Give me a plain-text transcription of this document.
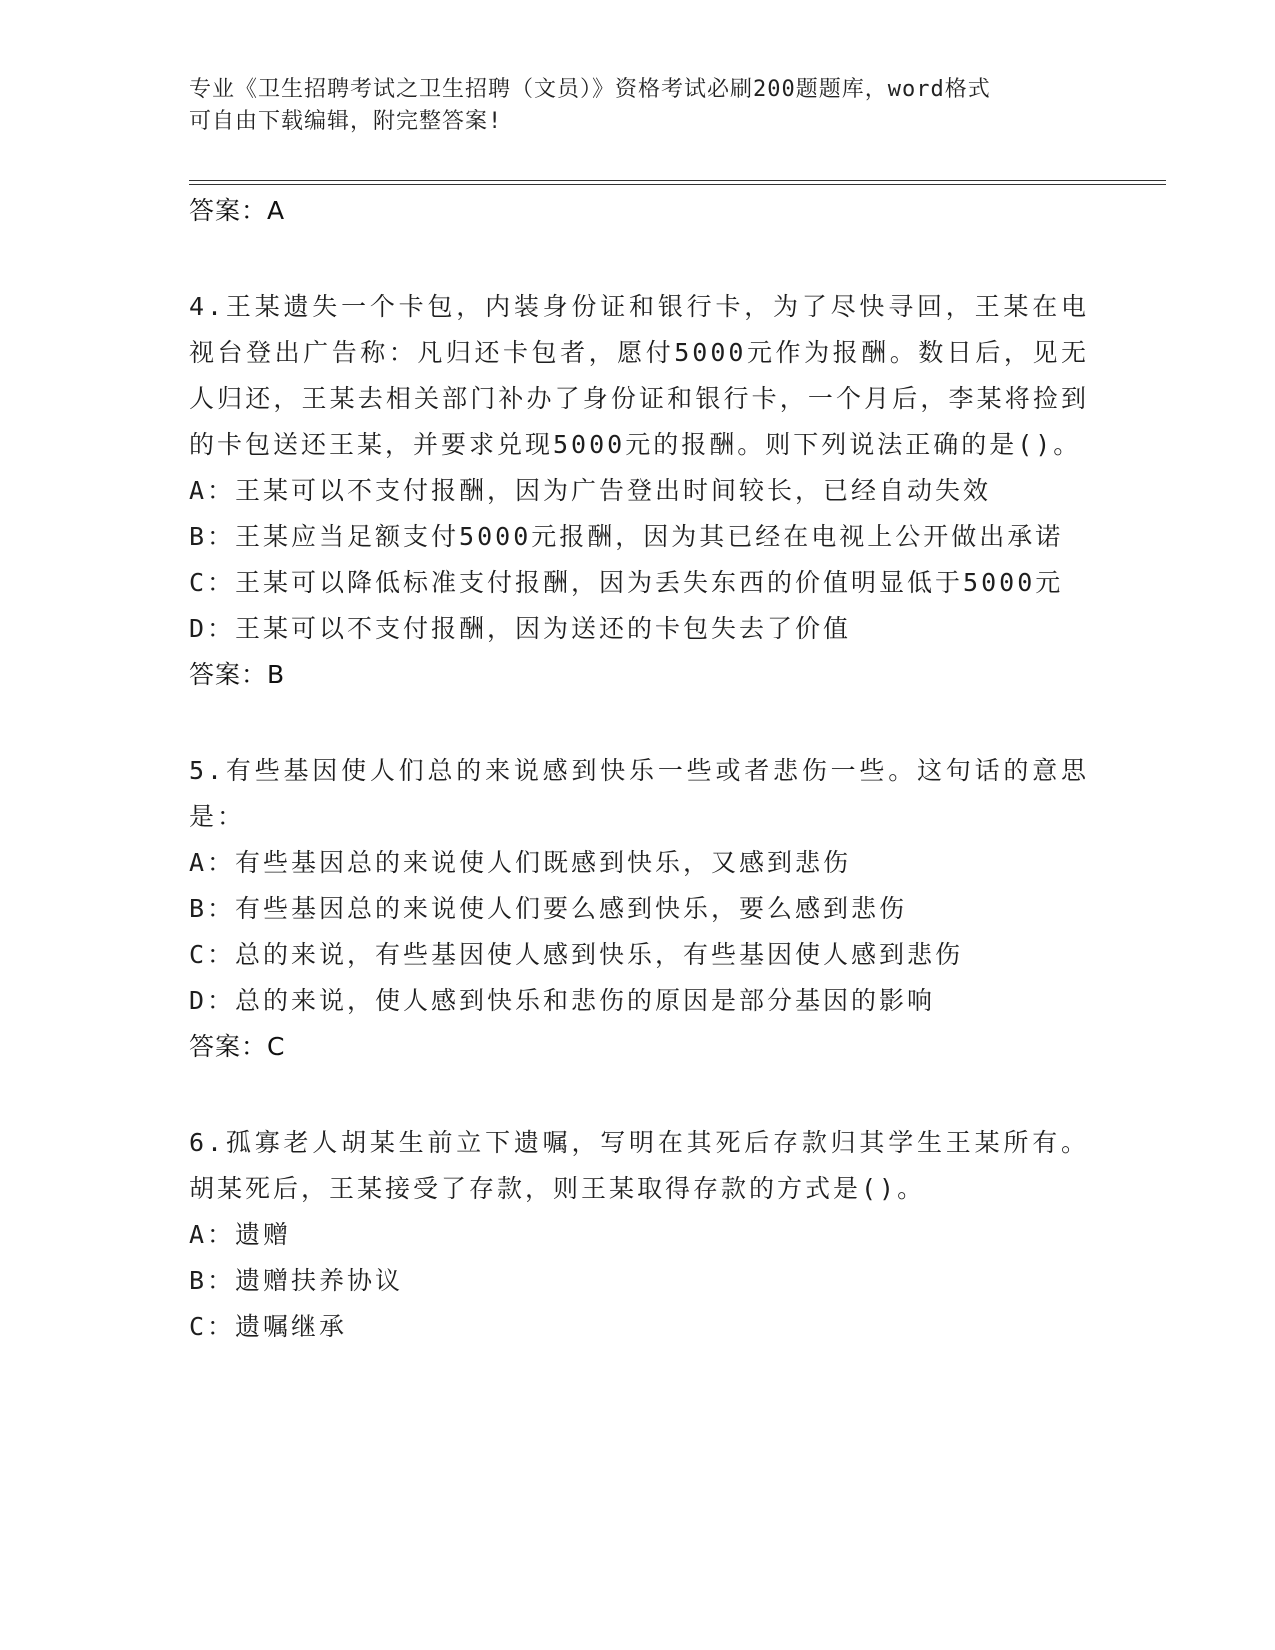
专业《卫生招聘考试之卫生招聘（文员）》资格考试必刷200题题库，word格式
可自由下载编辑，附完整答案!
答案：A
4.王某遗失一个卡包，内装身份证和银行卡，为了尽快寻回，王某在电视台登出广告称：凡归还卡包者，愿付5000元作为报酬。数日后，见无人归还，王某去相关部门补办了身份证和银行卡，一个月后，李某将捡到的卡包送还王某，并要求兑现5000元的报酬。则下列说法正确的是()。
A：王某可以不支付报酬，因为广告登出时间较长，已经自动失效
B：王某应当足额支付5000元报酬，因为其已经在电视上公开做出承诺
C：王某可以降低标准支付报酬，因为丢失东西的价值明显低于5000元
D：王某可以不支付报酬，因为送还的卡包失去了价值
答案：B
5.有些基因使人们总的来说感到快乐一些或者悲伤一些。这句话的意思是：
A：有些基因总的来说使人们既感到快乐，又感到悲伤
B：有些基因总的来说使人们要么感到快乐，要么感到悲伤
C：总的来说，有些基因使人感到快乐，有些基因使人感到悲伤
D：总的来说，使人感到快乐和悲伤的原因是部分基因的影响
答案：C
6.孤寡老人胡某生前立下遗嘱，写明在其死后存款归其学生王某所有。胡某死后，王某接受了存款，则王某取得存款的方式是()。
A：遗赠
B：遗赠扶养协议
C：遗嘱继承
